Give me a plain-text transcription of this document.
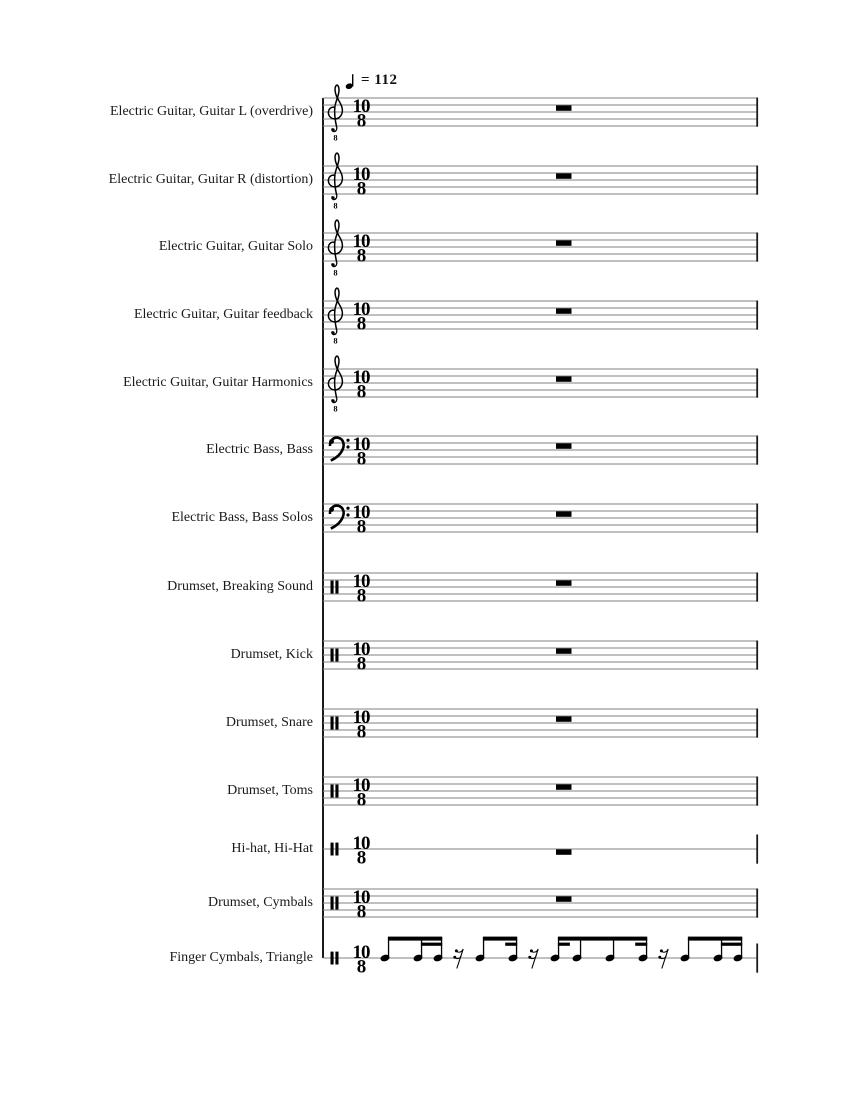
= 112
Electric Guitar, Guitar L (overdrive)
Electric Guitar, Guitar R (distortion)
Electric Guitar, Guitar Solo
Electric Guitar, Guitar feedback
Electric Guitar, Guitar Harmonics
Electric Bass, Bass
Electric Bass, Bass Solos
Drumset, Breaking Sound
Drumset, Kick
Drumset, Snare
Drumset, Toms
Hi-hat, Hi-Hat
Drumset, Cymbals
Finger Cymbals, Triangle
